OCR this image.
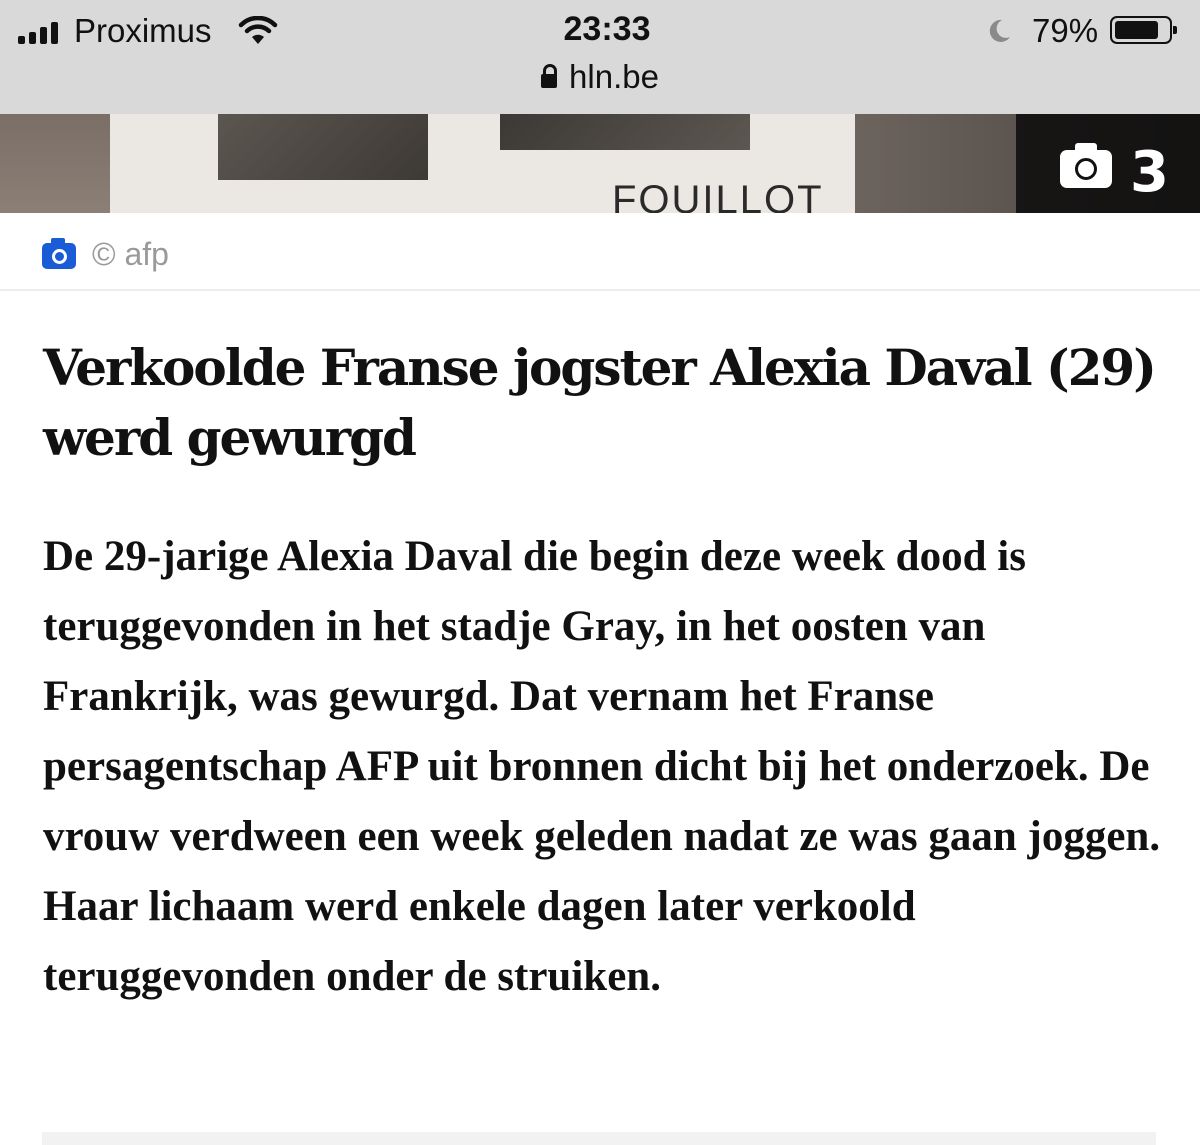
Proximus	23:33
hln.be
79%
FOUILLOT	3
© afp
Verkoolde Franse jogster Alexia Daval (29) werd gewurgd

De 29-jarige Alexia Daval die begin deze week dood is teruggevonden in het stadje Gray, in het oosten van Frankrijk, was gewurgd. Dat vernam het Franse persagentschap AFP uit bronnen dicht bij het onderzoek. De vrouw verdween een week geleden nadat ze was gaan joggen. Haar lichaam werd enkele dagen later verkoold teruggevonden onder de struiken.
